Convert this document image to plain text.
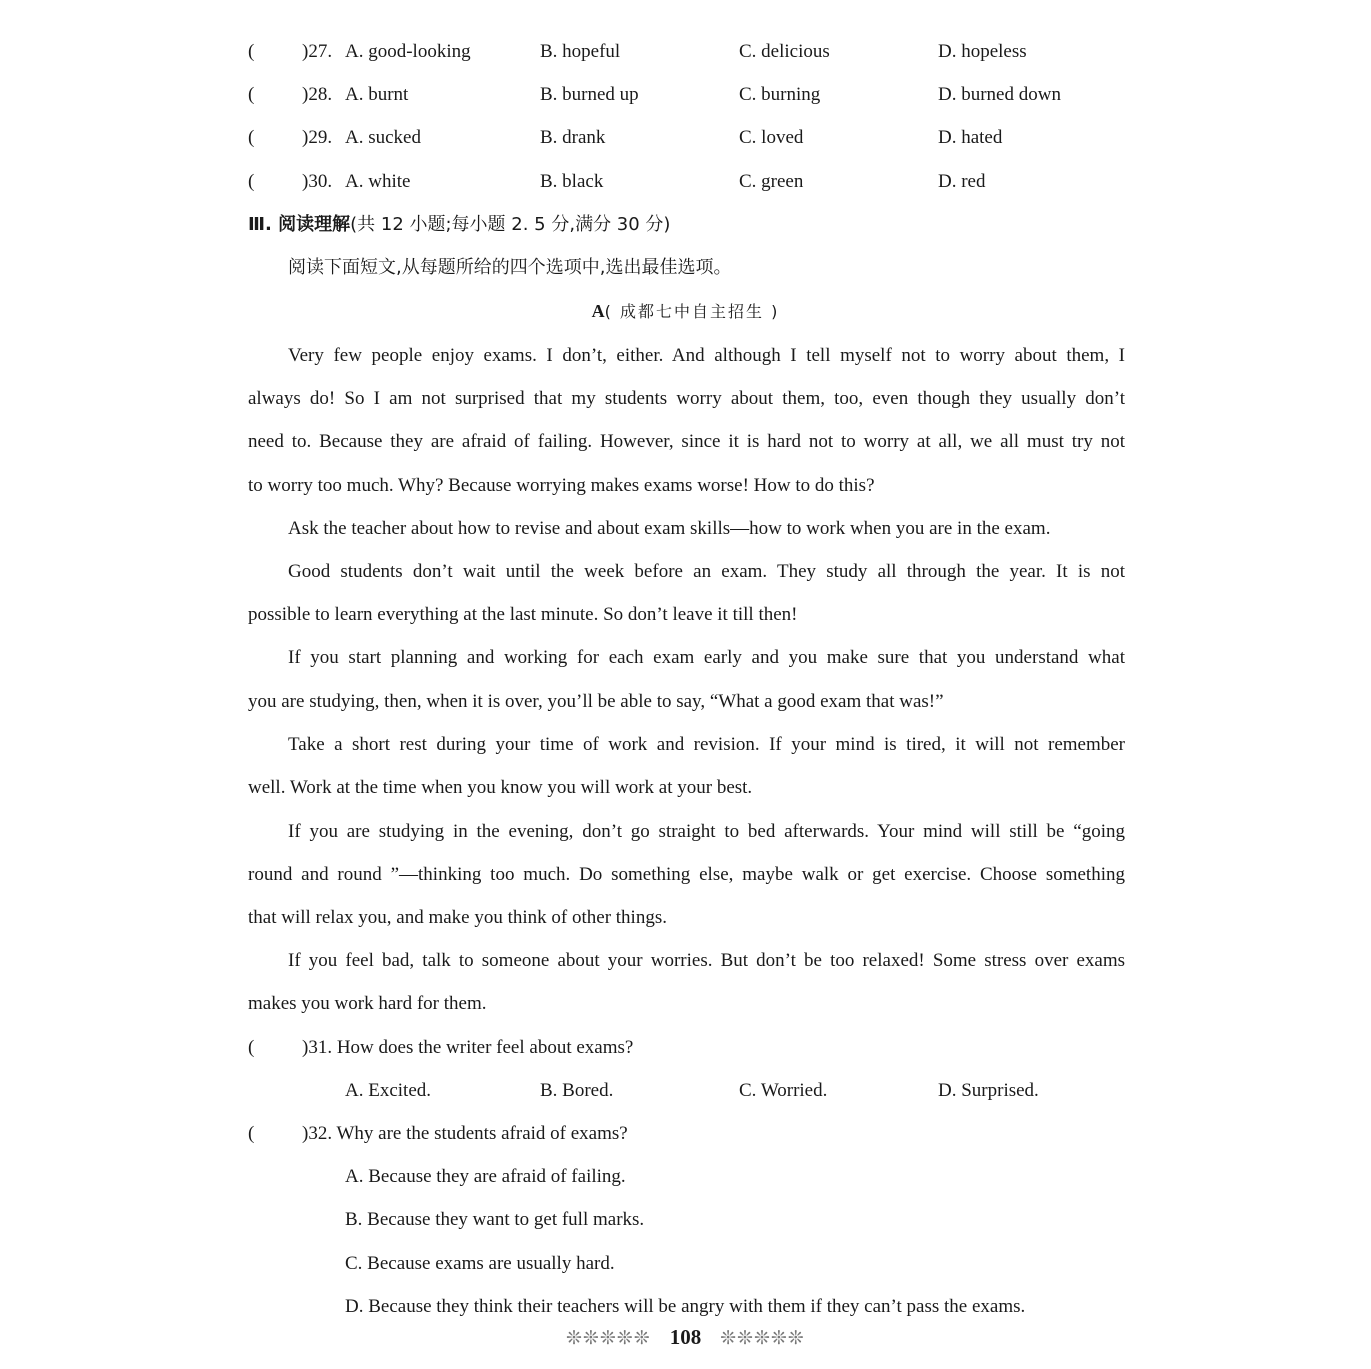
(	)27. A. good-looking	B. hopeful	C. delicious	D. hopeless
(	)28. A. burnt	B. burned up	C. burning	D. burned down
(	)29. A. sucked	B. drank	C. loved	D. hated
(	)30. A. white	B. black	C. green	D. red
Ⅲ. 阅读理解(共 12 小题;每小题 2. 5 分,满分 30 分)
阅读下面短文,从每题所给的四个选项中,选出最佳选项。
A( 成都七中自主招生 )
Very few people enjoy exams. I don’t, either. And although I tell myself not to worry about them, I
always do! So I am not surprised that my students worry about them, too, even though they usually don’t
need to. Because they are afraid of failing. However, since it is hard not to worry at all, we all must try not
to worry too much. Why? Because worrying makes exams worse! How to do this?
Ask the teacher about how to revise and about exam skills—how to work when you are in the exam.
Good students don’t wait until the week before an exam. They study all through the year. It is not
possible to learn everything at the last minute. So don’t leave it till then!
If you start planning and working for each exam early and you make sure that you understand what
you are studying, then, when it is over, you’ll be able to say, “What a good exam that was!”
Take a short rest during your time of work and revision. If your mind is tired, it will not remember
well. Work at the time when you know you will work at your best.
If you are studying in the evening, don’t go straight to bed afterwards. Your mind will still be “going
round and round ”—thinking too much. Do something else, maybe walk or get exercise. Choose something
that will relax you, and make you think of other things.
If you feel bad, talk to someone about your worries. But don’t be too relaxed! Some stress over exams
makes you work hard for them.
(	)31. How does the writer feel about exams?
A. Excited.	B. Bored.	C. Worried.	D. Surprised.
(	)32. Why are the students afraid of exams?
A. Because they are afraid of failing.
B. Because they want to get full marks.
C. Because exams are usually hard.
D. Because they think their teachers will be angry with them if they can’t pass the exams.
❊❊❊❊❊ 108 ❊❊❊❊❊
